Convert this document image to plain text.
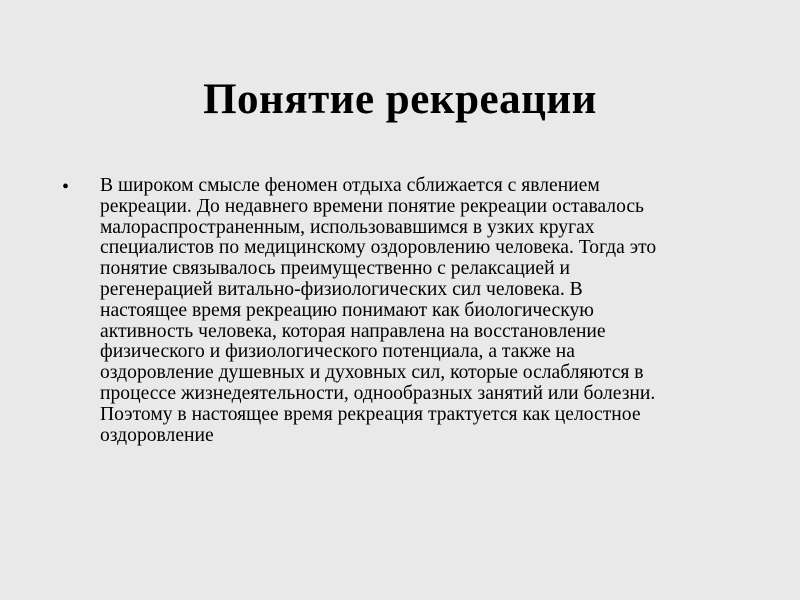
Понятие рекреации
• В широком смысле феномен отдыха сближается с явлением
рекреации. До недавнего времени понятие рекреации оставалось
малораспространенным, использовавшимся в узких кругах
специалистов по медицинскому оздоровлению человека. Тогда это
понятие связывалось преимущественно с релаксацией и
регенерацией витально-физиологических сил человека. В
настоящее время рекреацию понимают как биологическую
активность человека, которая направлена на восстановление
физического и физиологического потенциала, а также на
оздоровление душевных и духовных сил, которые ослабляются в
процессе жизнедеятельности, однообразных занятий или болезни.
Поэтому в настоящее время рекреация трактуется как целостное
оздоровление
